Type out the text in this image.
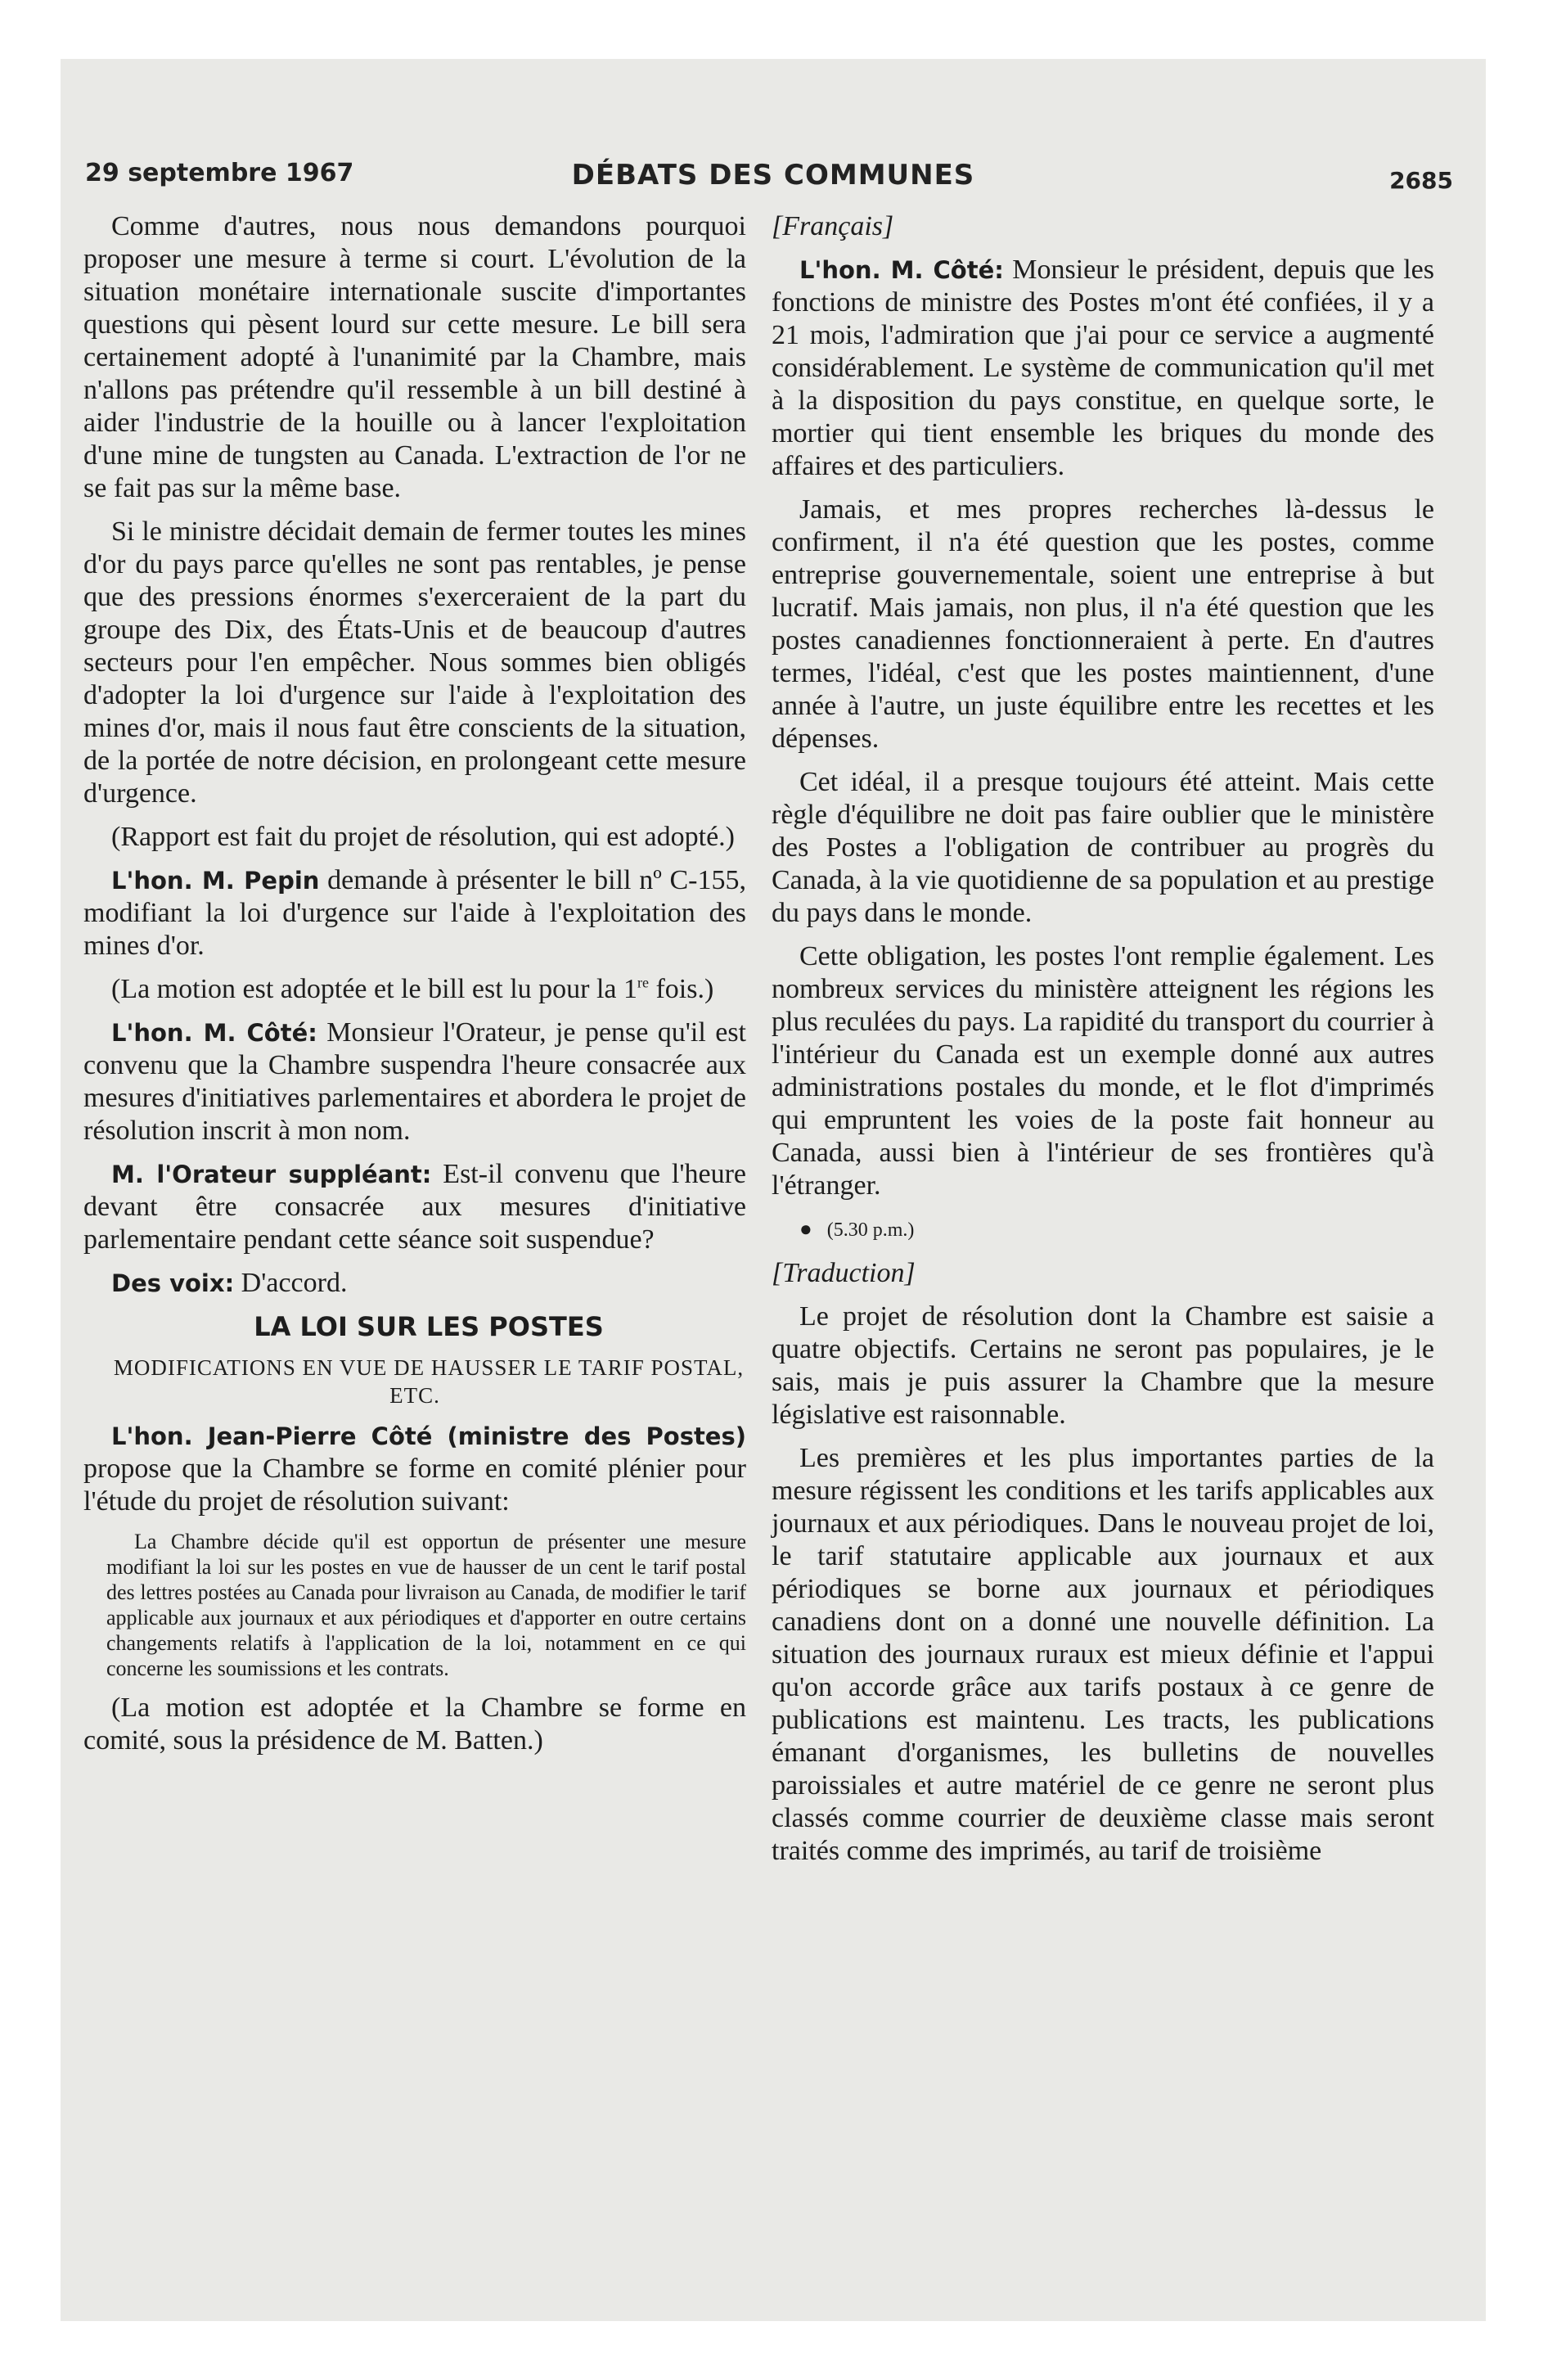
29 septembre 1967	DÉBATS DES COMMUNES	2685

Comme d'autres, nous nous demandons pourquoi proposer une mesure à terme si court. L'évolution de la situation monétaire internationale suscite d'importantes questions qui pèsent lourd sur cette mesure. Le bill sera certainement adopté à l'unanimité par la Chambre, mais n'allons pas prétendre qu'il ressemble à un bill destiné à aider l'industrie de la houille ou à lancer l'exploitation d'une mine de tungsten au Canada. L'extraction de l'or ne se fait pas sur la même base.

Si le ministre décidait demain de fermer toutes les mines d'or du pays parce qu'elles ne sont pas rentables, je pense que des pressions énormes s'exerceraient de la part du groupe des Dix, des États-Unis et de beaucoup d'autres secteurs pour l'en empêcher. Nous sommes bien obligés d'adopter la loi d'urgence sur l'aide à l'exploitation des mines d'or, mais il nous faut être conscients de la situation, de la portée de notre décision, en prolongeant cette mesure d'urgence.

(Rapport est fait du projet de résolution, qui est adopté.)

L'hon. M. Pepin demande à présenter le bill nº C-155, modifiant la loi d'urgence sur l'aide à l'exploitation des mines d'or.

(La motion est adoptée et le bill est lu pour la 1re fois.)

L'hon. M. Côté: Monsieur l'Orateur, je pense qu'il est convenu que la Chambre suspendra l'heure consacrée aux mesures d'initiatives parlementaires et abordera le projet de résolution inscrit à mon nom.

M. l'Orateur suppléant: Est-il convenu que l'heure devant être consacrée aux mesures d'initiative parlementaire pendant cette séance soit suspendue?

Des voix: D'accord.

LA LOI SUR LES POSTES

MODIFICATIONS EN VUE DE HAUSSER LE TARIF POSTAL, ETC.

L'hon. Jean-Pierre Côté (ministre des Postes) propose que la Chambre se forme en comité plénier pour l'étude du projet de résolution suivant:

La Chambre décide qu'il est opportun de présenter une mesure modifiant la loi sur les postes en vue de hausser de un cent le tarif postal des lettres postées au Canada pour livraison au Canada, de modifier le tarif applicable aux journaux et aux périodiques et d'apporter en outre certains changements relatifs à l'application de la loi, notamment en ce qui concerne les soumissions et les contrats.

(La motion est adoptée et la Chambre se forme en comité, sous la présidence de M. Batten.)

[Français]

L'hon. M. Côté: Monsieur le président, depuis que les fonctions de ministre des Postes m'ont été confiées, il y a 21 mois, l'admiration que j'ai pour ce service a augmenté considérablement. Le système de communication qu'il met à la disposition du pays constitue, en quelque sorte, le mortier qui tient ensemble les briques du monde des affaires et des particuliers.

Jamais, et mes propres recherches là-dessus le confirment, il n'a été question que les postes, comme entreprise gouvernementale, soient une entreprise à but lucratif. Mais jamais, non plus, il n'a été question que les postes canadiennes fonctionneraient à perte. En d'autres termes, l'idéal, c'est que les postes maintiennent, d'une année à l'autre, un juste équilibre entre les recettes et les dépenses.

Cet idéal, il a presque toujours été atteint. Mais cette règle d'équilibre ne doit pas faire oublier que le ministère des Postes a l'obligation de contribuer au progrès du Canada, à la vie quotidienne de sa population et au prestige du pays dans le monde.

Cette obligation, les postes l'ont remplie également. Les nombreux services du ministère atteignent les régions les plus reculées du pays. La rapidité du transport du courrier à l'intérieur du Canada est un exemple donné aux autres administrations postales du monde, et le flot d'imprimés qui empruntent les voies de la poste fait honneur au Canada, aussi bien à l'intérieur de ses frontières qu'à l'étranger.

● (5.30 p.m.)

[Traduction]

Le projet de résolution dont la Chambre est saisie a quatre objectifs. Certains ne seront pas populaires, je le sais, mais je puis assurer la Chambre que la mesure législative est raisonnable.

Les premières et les plus importantes parties de la mesure régissent les conditions et les tarifs applicables aux journaux et aux périodiques. Dans le nouveau projet de loi, le tarif statutaire applicable aux journaux et aux périodiques se borne aux journaux et périodiques canadiens dont on a donné une nouvelle définition. La situation des journaux ruraux est mieux définie et l'appui qu'on accorde grâce aux tarifs postaux à ce genre de publications est maintenu. Les tracts, les publications émanant d'organismes, les bulletins de nouvelles paroissiales et autre matériel de ce genre ne seront plus classés comme courrier de deuxième classe mais seront traités comme des imprimés, au tarif de troisième
